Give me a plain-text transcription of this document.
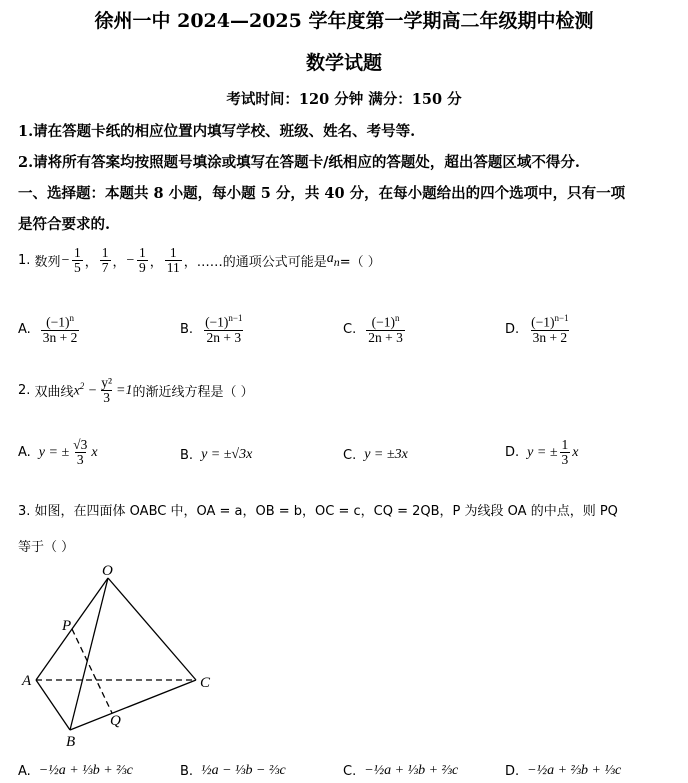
徐州一中 2024—2025 学年度第一学期高二年级期中检测
数学试题
考试时间：120 分钟 满分：150 分
1.请在答题卡纸的相应位置内填写学校、班级、姓名、考号等.
2.请将所有答案均按照题号填涂或填写在答题卡/纸相应的答题处，超出答题区域不得分.
一、选择题：本题共 8 小题，每小题 5 分，共 40 分，在每小题给出的四个选项中，只有一项
是符合要求的.
1.
数列 − $\frac{1}{5}$ ， $\frac{1}{7}$ ， − $\frac{1}{9}$ ， $\frac{1}{11}$ ，……的通项公式可能是 $a_n$ =（ ）
A. $\frac{(-1)^n}{3n + 2}$	B. $\frac{(-1)^{n-1}}{2n + 3}$	C. $\frac{(-1)^n}{2n + 3}$	D. $\frac{(-1)^{n-1}}{3n + 2}$
2.
双曲线 $x^2 - \frac{\text{y²}}{3} =1$ 的渐近线方程是（ ）
A. y = ± $\frac{√3}{3}$ x	B. y = ±√3x	C. y = ±3x	D. y = ± $\frac{1}{3}$ x
3. 如图，在四面体 OABC 中，OA = a，OB = b，OC = c，CQ = 2QB，P 为线段 OA 的中点，则 PQ
等于（ ）
O
P
A	C
Q
B
A. −½a + ⅓b + ⅔c	B. ½a − ⅓b − ⅔c	C. −½a + ⅓b + ⅔c	D. −½a + ⅔b + ⅓c
